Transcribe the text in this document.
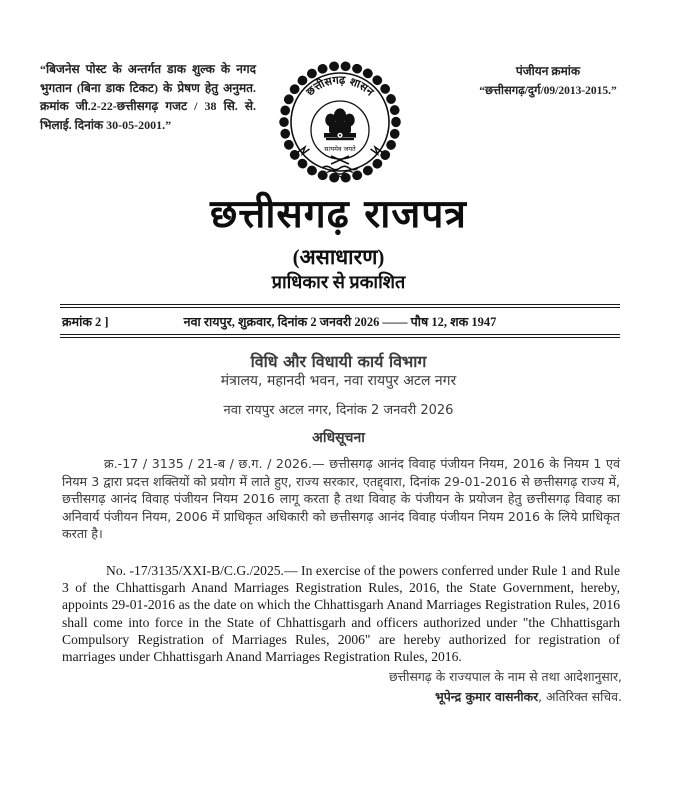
“बिजनेस पोस्ट के अन्तर्गत डाक शुल्क के नगद भुगतान (बिना डाक टिकट) के प्रेषण हेतु अनुमत. क्रमांक जी.2-22-छत्तीसगढ़ गजट / 38 सि. से. भिलाई. दिनांक 30-05-2001.”
पंजीयन क्रमांक
“छत्तीसगढ़/दुर्ग/09/2013-2015.”
छत्तीसगढ़ शासन
सत्यमेव जयते
छत्तीसगढ़ राजपत्र
(असाधारण)
प्राधिकार से प्रकाशित
क्रमांक 2 ]	नवा रायपुर, शुक्रवार, दिनांक 2 जनवरी 2026 —— पौष 12, शक 1947
विधि और विधायी कार्य विभाग
मंत्रालय, महानदी भवन, नवा रायपुर अटल नगर
नवा रायपुर अटल नगर, दिनांक 2 जनवरी 2026
अधिसूचना
क्र.-17 / 3135 / 21-ब / छ.ग. / 2026.— छत्तीसगढ़ आनंद विवाह पंजीयन नियम, 2016 के नियम 1 एवं नियम 3 द्वारा प्रदत्त शक्तियों को प्रयोग में लाते हुए, राज्य सरकार, एतद्द्वारा, दिनांक 29-01-2016 से छत्तीसगढ़ राज्य में, छत्तीसगढ़ आनंद विवाह पंजीयन नियम 2016 लागू करता है तथा विवाह के पंजीयन के प्रयोजन हेतु छत्तीसगढ़ विवाह का अनिवार्य पंजीयन नियम, 2006 में प्राधिकृत अधिकारी को छत्तीसगढ़ आनंद विवाह पंजीयन नियम 2016 के लिये प्राधिकृत करता है।
No. -17/3135/XXI-B/C.G./2025.— In exercise of the powers conferred under Rule 1 and Rule 3 of the Chhattisgarh Anand Marriages Registration Rules, 2016, the State Government, hereby, appoints 29-01-2016 as the date on which the Chhattisgarh Anand Marriages Registration Rules, 2016 shall come into force in the State of Chhattisgarh and officers authorized under "the Chhattisgarh Compulsory Registration of Marriages Rules, 2006" are hereby authorized for registration of marriages under Chhattisgarh Anand Marriages Registration Rules, 2016.
छत्तीसगढ़ के राज्यपाल के नाम से तथा आदेशानुसार,
भूपेन्द्र कुमार वासनीकर, अतिरिक्त सचिव.
